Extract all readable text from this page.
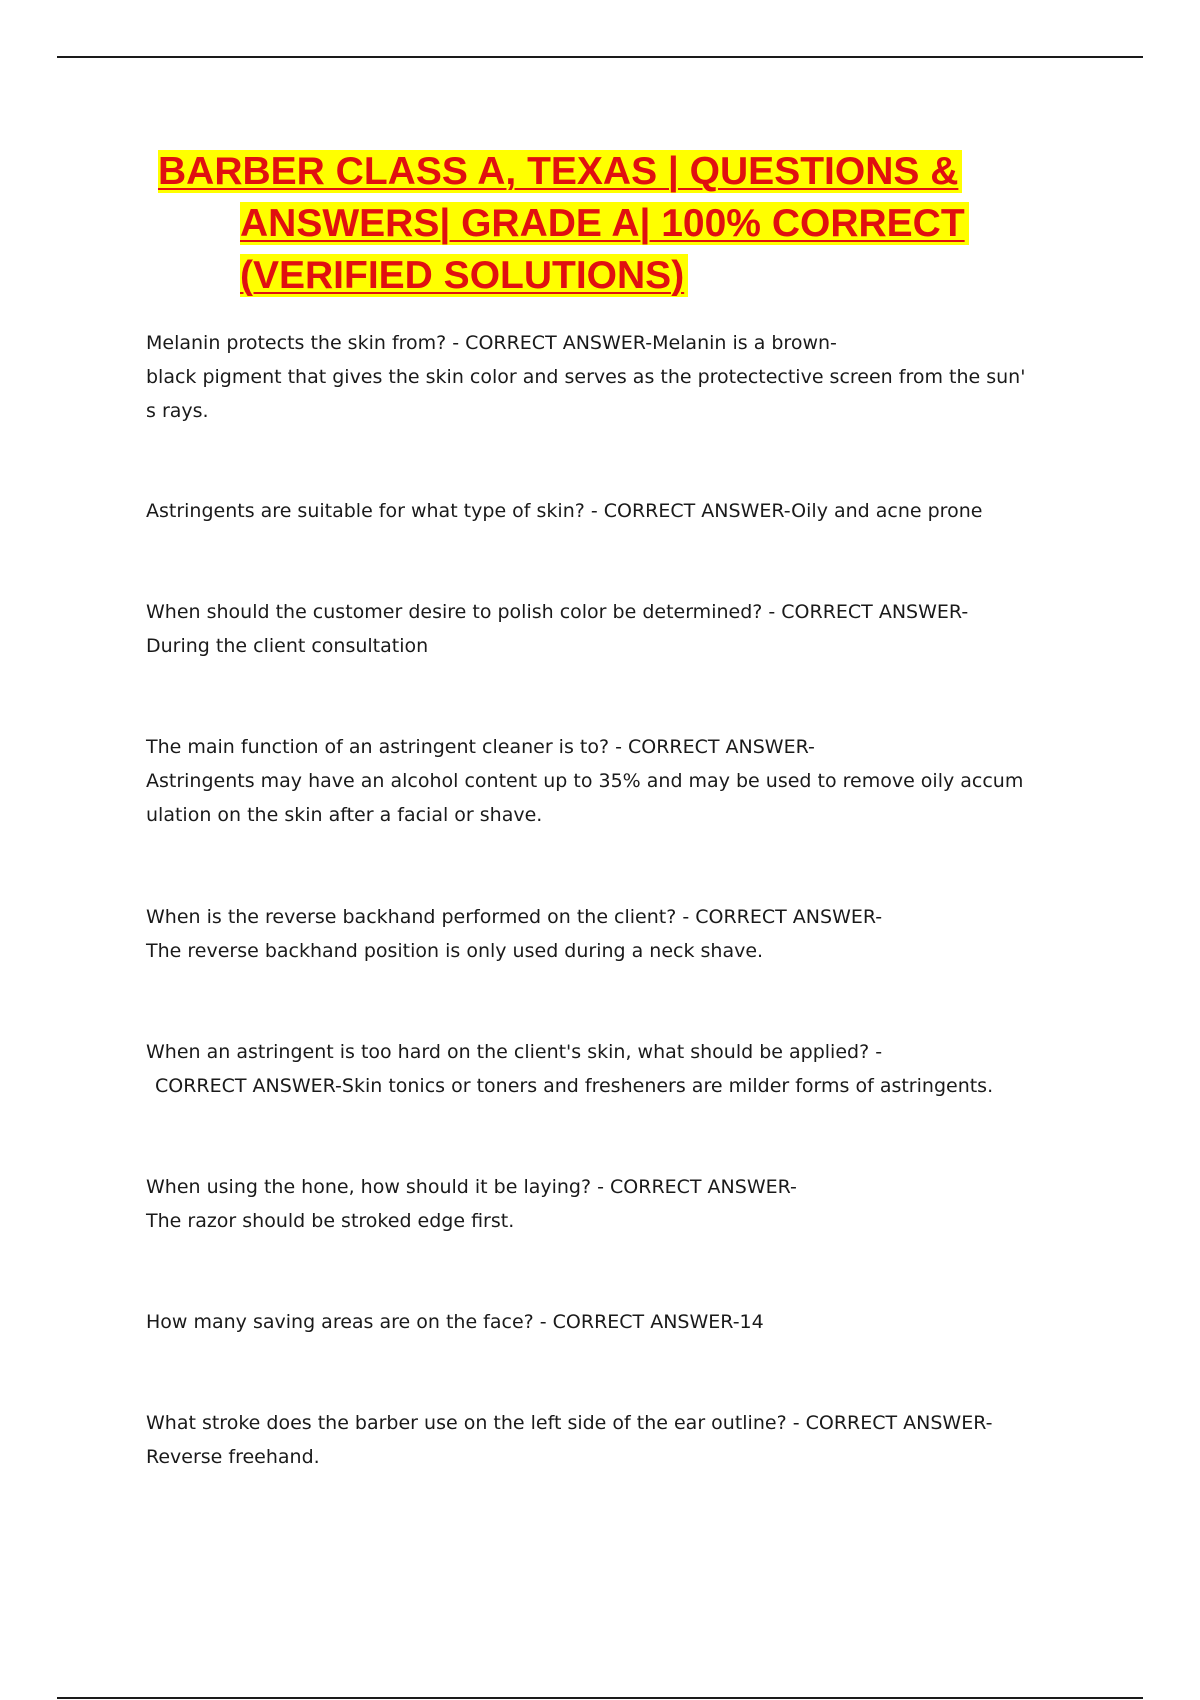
BARBER CLASS A, TEXAS | QUESTIONS &
ANSWERS| GRADE A| 100% CORRECT
(VERIFIED SOLUTIONS)

Melanin protects the skin from? - CORRECT ANSWER-Melanin is a brown-
black pigment that gives the skin color and serves as the protectective screen from the sun'
s rays.

Astringents are suitable for what type of skin? - CORRECT ANSWER-Oily and acne prone

When should the customer desire to polish color be determined? - CORRECT ANSWER-
During the client consultation

The main function of an astringent cleaner is to? - CORRECT ANSWER-
Astringents may have an alcohol content up to 35% and may be used to remove oily accum
ulation on the skin after a facial or shave.

When is the reverse backhand performed on the client? - CORRECT ANSWER-
The reverse backhand position is only used during a neck shave.

When an astringent is too hard on the client's skin, what should be applied? -
CORRECT ANSWER-Skin tonics or toners and fresheners are milder forms of astringents.

When using the hone, how should it be laying? - CORRECT ANSWER-
The razor should be stroked edge first.

How many saving areas are on the face? - CORRECT ANSWER-14

What stroke does the barber use on the left side of the ear outline? - CORRECT ANSWER-
Reverse freehand.
